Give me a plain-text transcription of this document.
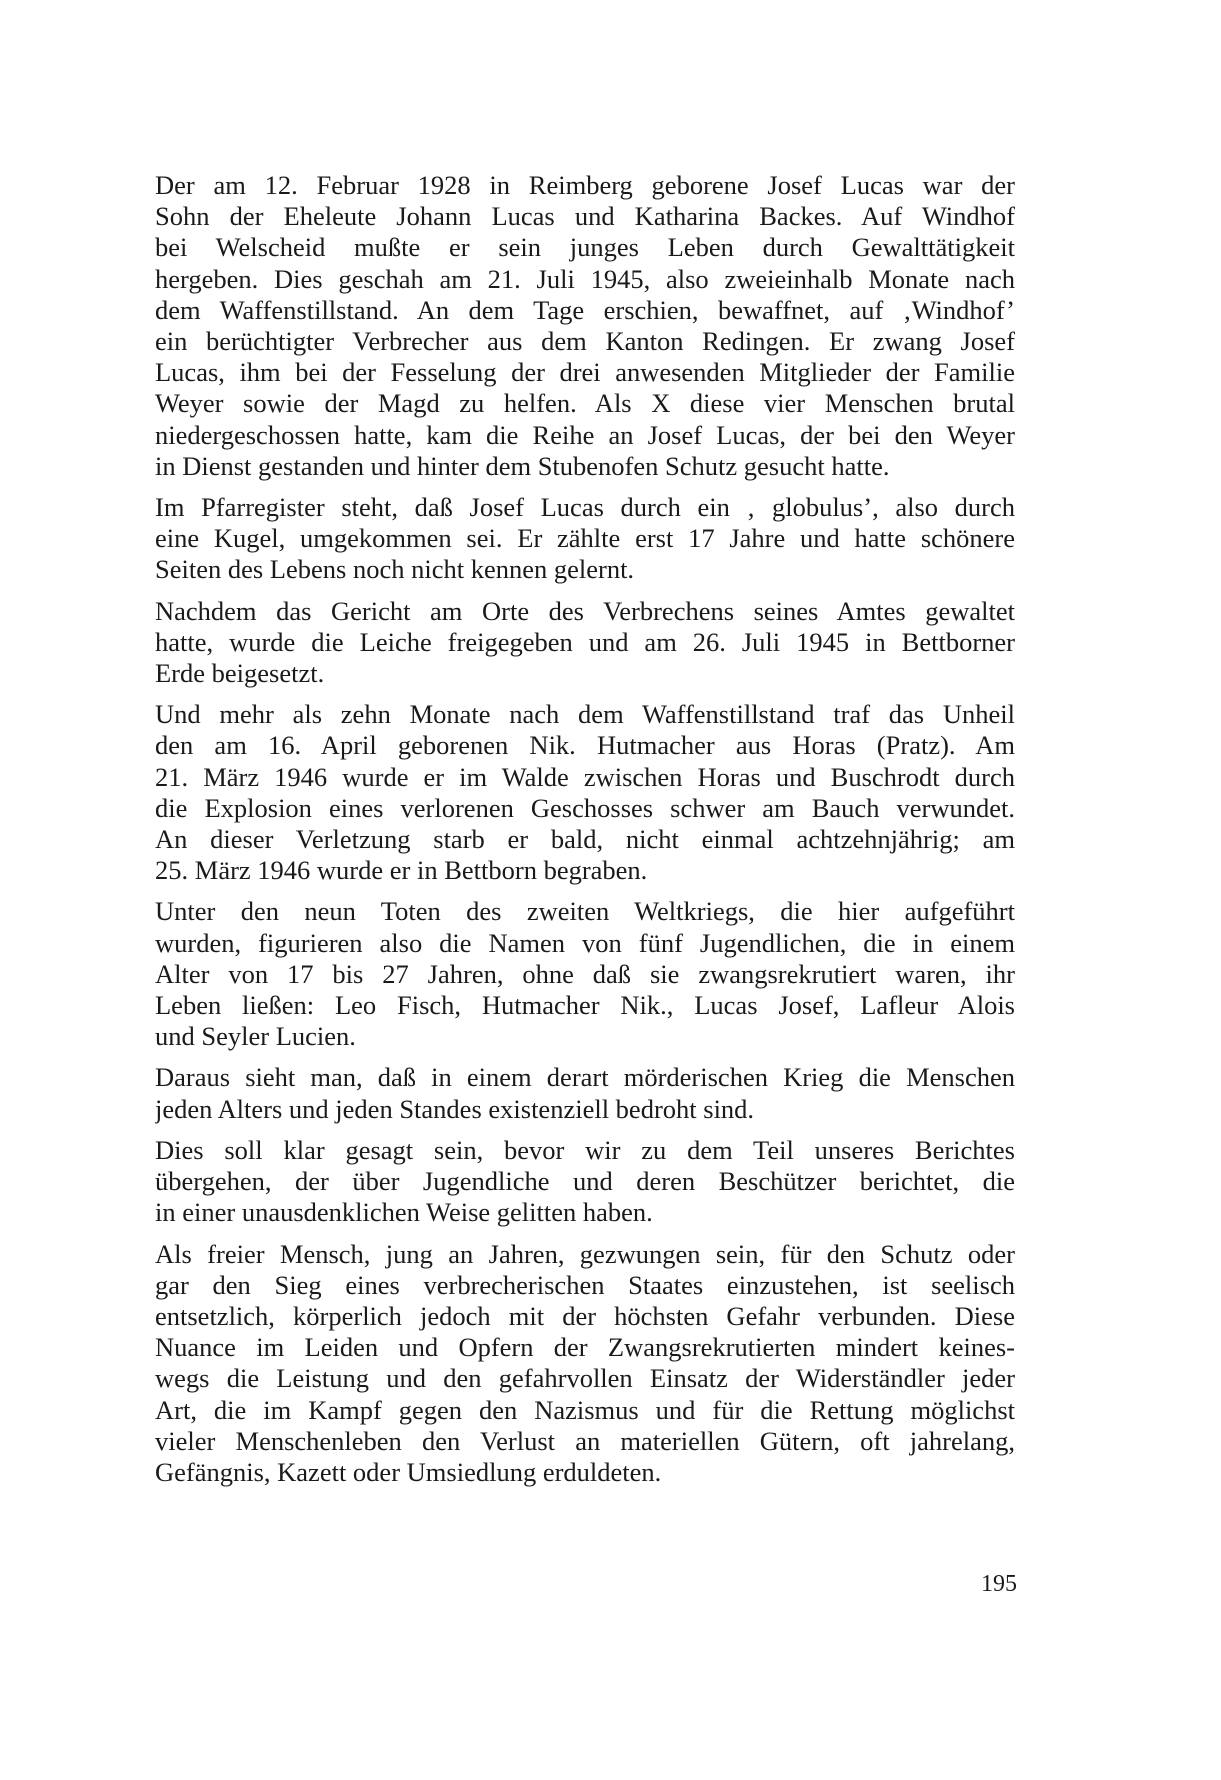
Der am 12. Februar 1928 in Reimberg geborene Josef Lucas war der
Sohn der Eheleute Johann Lucas und Katharina Backes. Auf Windhof
bei Welscheid mußte er sein junges Leben durch Gewalttätigkeit
hergeben. Dies geschah am 21. Juli 1945, also zweieinhalb Monate nach
dem Waffenstillstand. An dem Tage erschien, bewaffnet, auf ‚Windhof’
ein berüchtigter Verbrecher aus dem Kanton Redingen. Er zwang Josef
Lucas, ihm bei der Fesselung der drei anwesenden Mitglieder der Familie
Weyer sowie der Magd zu helfen. Als X diese vier Menschen brutal
niedergeschossen hatte, kam die Reihe an Josef Lucas, der bei den Weyer
in Dienst gestanden und hinter dem Stubenofen Schutz gesucht hatte.

Im Pfarregister steht, daß Josef Lucas durch ein ‚ globulus’, also durch
eine Kugel, umgekommen sei. Er zählte erst 17 Jahre und hatte schönere
Seiten des Lebens noch nicht kennen gelernt.

Nachdem das Gericht am Orte des Verbrechens seines Amtes gewaltet
hatte, wurde die Leiche freigegeben und am 26. Juli 1945 in Bettborner
Erde beigesetzt.

Und mehr als zehn Monate nach dem Waffenstillstand traf das Unheil
den am 16. April geborenen Nik. Hutmacher aus Horas (Pratz). Am
21. März 1946 wurde er im Walde zwischen Horas und Buschrodt durch
die Explosion eines verlorenen Geschosses schwer am Bauch verwundet.
An dieser Verletzung starb er bald, nicht einmal achtzehnjährig; am
25. März 1946 wurde er in Bettborn begraben.

Unter den neun Toten des zweiten Weltkriegs, die hier aufgeführt
wurden, figurieren also die Namen von fünf Jugendlichen, die in einem
Alter von 17 bis 27 Jahren, ohne daß sie zwangsrekrutiert waren, ihr
Leben ließen: Leo Fisch, Hutmacher Nik., Lucas Josef, Lafleur Alois
und Seyler Lucien.

Daraus sieht man, daß in einem derart mörderischen Krieg die Menschen
jeden Alters und jeden Standes existenziell bedroht sind.

Dies soll klar gesagt sein, bevor wir zu dem Teil unseres Berichtes
übergehen, der über Jugendliche und deren Beschützer berichtet, die
in einer unausdenklichen Weise gelitten haben.

Als freier Mensch, jung an Jahren, gezwungen sein, für den Schutz oder
gar den Sieg eines verbrecherischen Staates einzustehen, ist seelisch
entsetzlich, körperlich jedoch mit der höchsten Gefahr verbunden. Diese
Nuance im Leiden und Opfern der Zwangsrekrutierten mindert keines-
wegs die Leistung und den gefahrvollen Einsatz der Widerständler jeder
Art, die im Kampf gegen den Nazismus und für die Rettung möglichst
vieler Menschenleben den Verlust an materiellen Gütern, oft jahrelang,
Gefängnis, Kazett oder Umsiedlung erduldeten.

195
